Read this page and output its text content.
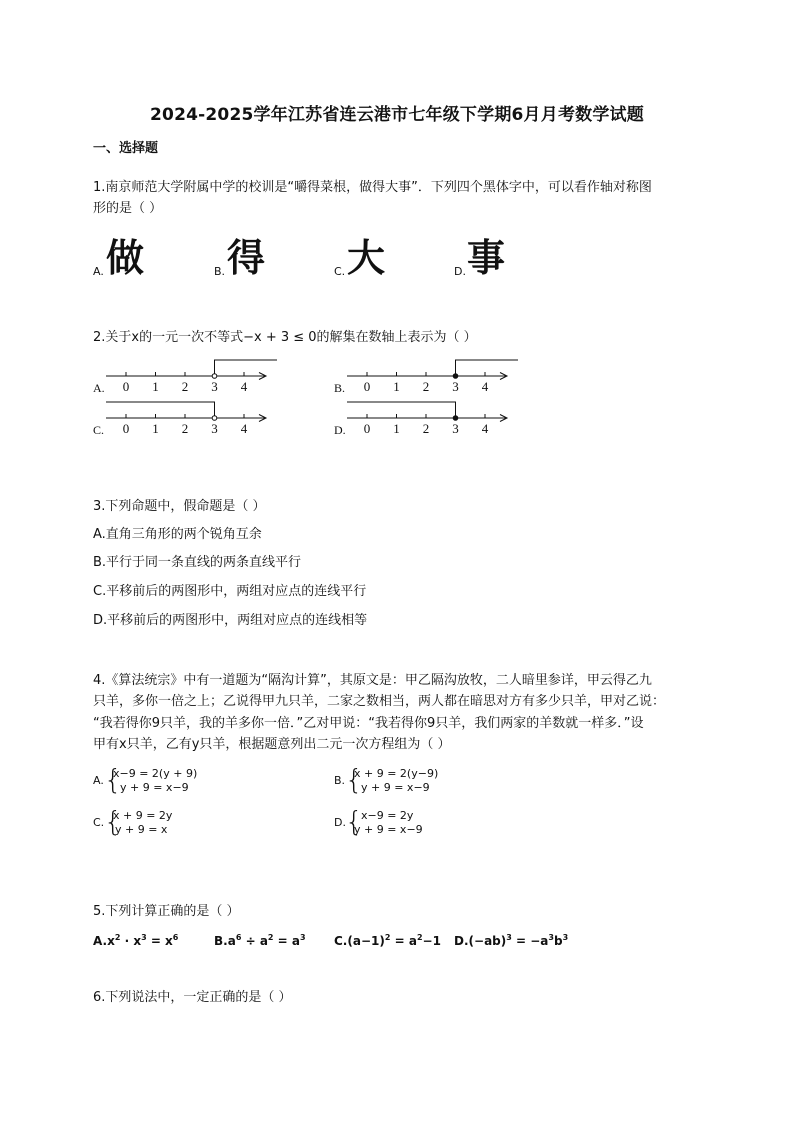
2024-2025学年江苏省连云港市七年级下学期6月月考数学试题
一、选择题
1.南京师范大学附属中学的校训是“嚼得菜根，做得大事”．下列四个黑体字中，可以看作轴对称图
形的是（ ）
A. 做	B. 得	C. 大	D. 事
2.关于x的一元一次不等式−x + 3 ≤ 0的解集在数轴上表示为（ ）
A. 0 1 2 3 4	B. 0 1 2 3 4
C. 0 1 2 3 4	D. 0 1 2 3 4
3.下列命题中，假命题是（ ）
A.直角三角形的两个锐角互余
B.平行于同一条直线的两条直线平行
C.平移前后的两图形中，两组对应点的连线平行
D.平移前后的两图形中，两组对应点的连线相等
4.《算法统宗》中有一道题为“隔沟计算”，其原文是：甲乙隔沟放牧，二人暗里参详，甲云得乙九
只羊，多你一倍之上；乙说得甲九只羊，二家之数相当，两人都在暗思对方有多少只羊，甲对乙说：
“我若得你9只羊，我的羊多你一倍．”乙对甲说：“我若得你9只羊，我们两家的羊数就一样多．”设
甲有x只羊，乙有y只羊，根据题意列出二元一次方程组为（ ）
A. {
x−9 = 2(y + 9)
y + 9 = x−9
B. {
x + 9 = 2(y−9)
y + 9 = x−9
C. {
x + 9 = 2y
y + 9 = x
D. {
x−9 = 2y
y + 9 = x−9
5.下列计算正确的是（ ）
$A.x^2 \cdot x^3 = x^6$	$B.a^6 \div a^2 = a^3$ $C.(a-1)^2 = a^2-1$ $D.(-ab)^3 = -a^3b^3$
6.下列说法中，一定正确的是（ ）
